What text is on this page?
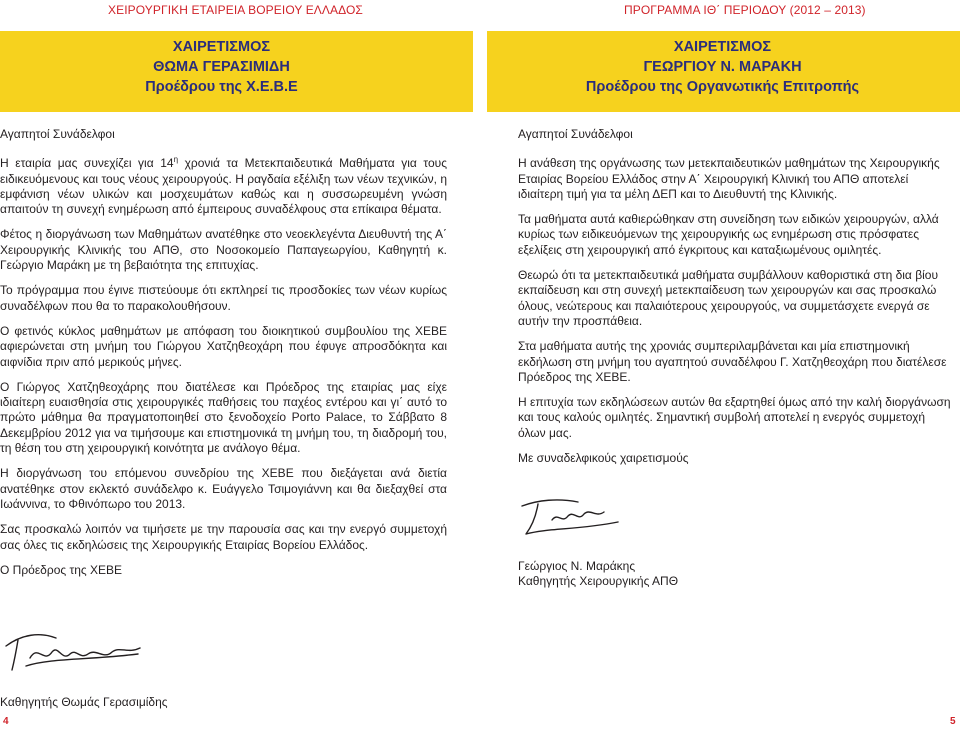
ΧΕΙΡΟΥΡΓΙΚΗ ΕΤΑΙΡΕΙΑ ΒΟΡΕΙΟΥ ΕΛΛΑΔΟΣ
ΧΑΙΡΕΤΙΣΜΟΣ
ΘΩΜΑ ΓΕΡΑΣΙΜΙΔΗ
Προέδρου της Χ.Ε.Β.Ε

Αγαπητοί Συνάδελφοι

Η εταιρία μας συνεχίζει για $14^\eta$ χρονιά τα Μετεκπαιδευτικά Μαθήματα για τους ειδικευόμενους και τους νέους χειρουργούς. Η ραγδαία εξέλιξη των νέων τεχνικών, η εμφάνιση νέων υλικών και μοσχευμάτων καθώς και η συσσωρευμένη γνώση απαιτούν τη συνεχή ενημέρωση από έμπειρους συναδέλφους στα επίκαιρα θέματα.

Φέτος η διοργάνωση των Μαθημάτων ανατέθηκε στο νεοεκλεγέντα Διευθυντή της Α΄ Χειρουργικής Κλινικής του ΑΠΘ, στο Νοσοκομείο Παπαγεωργίου, Καθηγητή κ. Γεώργιο Μαράκη με τη βεβαιότητα της επιτυχίας.

Το πρόγραμμα που έγινε πιστεύουμε ότι εκπληρεί τις προσδοκίες των νέων κυρίως συναδέλφων που θα το παρακολουθήσουν.

Ο φετινός κύκλος μαθημάτων με απόφαση του διοικητικού συμβουλίου της ΧΕΒΕ αφιερώνεται στη μνήμη του Γιώργου Χατζηθεοχάρη που έφυγε απροσδόκητα και αιφνίδια πριν από μερικούς μήνες.

Ο Γιώργος Χατζηθεοχάρης που διατέλεσε και Πρόεδρος της εταιρίας μας είχε ιδιαίτερη ευαισθησία στις χειρουργικές παθήσεις του παχέος εντέρου και γι΄ αυτό το πρώτο μάθημα θα πραγματοποιηθεί στο ξενοδοχείο Porto Palace, το Σάββατο 8 Δεκεμβρίου 2012 για να τιμήσουμε και επιστημονικά τη μνήμη του, τη διαδρομή του, τη θέση του στη χειρουργική κοινότητα με ανάλογο θέμα.

Η διοργάνωση του επόμενου συνεδρίου της ΧΕΒΕ που διεξάγεται ανά διετία ανατέθηκε στον εκλεκτό συνάδελφο κ. Ευάγγελο Τσιμογιάννη και θα διεξαχθεί στα Ιωάννινα, το Φθινόπωρο του 2013.

Σας προσκαλώ λοιπόν να τιμήσετε με την παρουσία σας και την ενεργό συμμετοχή σας όλες τις εκδηλώσεις της Χειρουργικής Εταιρίας Βορείου Ελλάδος.

Ο Πρόεδρος της ΧΕΒΕ

Καθηγητής Θωμάς Γερασιμίδης

4
ΠΡΟΓΡΑΜΜΑ ΙΘ΄ ΠΕΡΙΟΔΟΥ (2012 – 2013)
ΧΑΙΡΕΤΙΣΜΟΣ
ΓΕΩΡΓΙΟΥ Ν. ΜΑΡΑΚΗ
Προέδρου της Οργανωτικής Επιτροπής

Αγαπητοί Συνάδελφοι

Η ανάθεση της οργάνωσης των μετεκπαιδευτικών μαθημάτων της Χειρουργικής Εταιρίας Βορείου Ελλάδος στην Α΄ Χειρουργική Κλινική του ΑΠΘ αποτελεί ιδιαίτερη τιμή για τα μέλη ΔΕΠ και το Διευθυντή της Κλινικής.

Τα μαθήματα αυτά καθιερώθηκαν στη συνείδηση των ειδικών χειρουργών, αλλά κυρίως των ειδικευόμενων της χειρουργικής ως ενημέρωση στις πρόσφατες εξελίξεις στη χειρουργική από έγκριτους και καταξιωμένους ομιλητές.

Θεωρώ ότι τα μετεκπαιδευτικά μαθήματα συμβάλλουν καθοριστικά στη δια βίου εκπαίδευση και στη συνεχή μετεκπαίδευση των χειρουργών και σας προσκαλώ όλους, νεώτερους και παλαιότερους χειρουργούς, να συμμετάσχετε ενεργά σε αυτήν την προσπάθεια.

Στα μαθήματα αυτής της χρονιάς συμπεριλαμβάνεται και μία επιστημονική εκδήλωση στη μνήμη του αγαπητού συναδέλφου Γ. Χατζηθεοχάρη που διατέλεσε Πρόεδρος της ΧΕΒΕ.

Η επιτυχία των εκδηλώσεων αυτών θα εξαρτηθεί όμως από την καλή διοργάνωση και τους καλούς ομιλητές. Σημαντική συμβολή αποτελεί η ενεργός συμμετοχή όλων μας.

Με συναδελφικούς χαιρετισμούς

Γεώργιος Ν. Μαράκης

Καθηγητής Χειρουργικής ΑΠΘ

5
